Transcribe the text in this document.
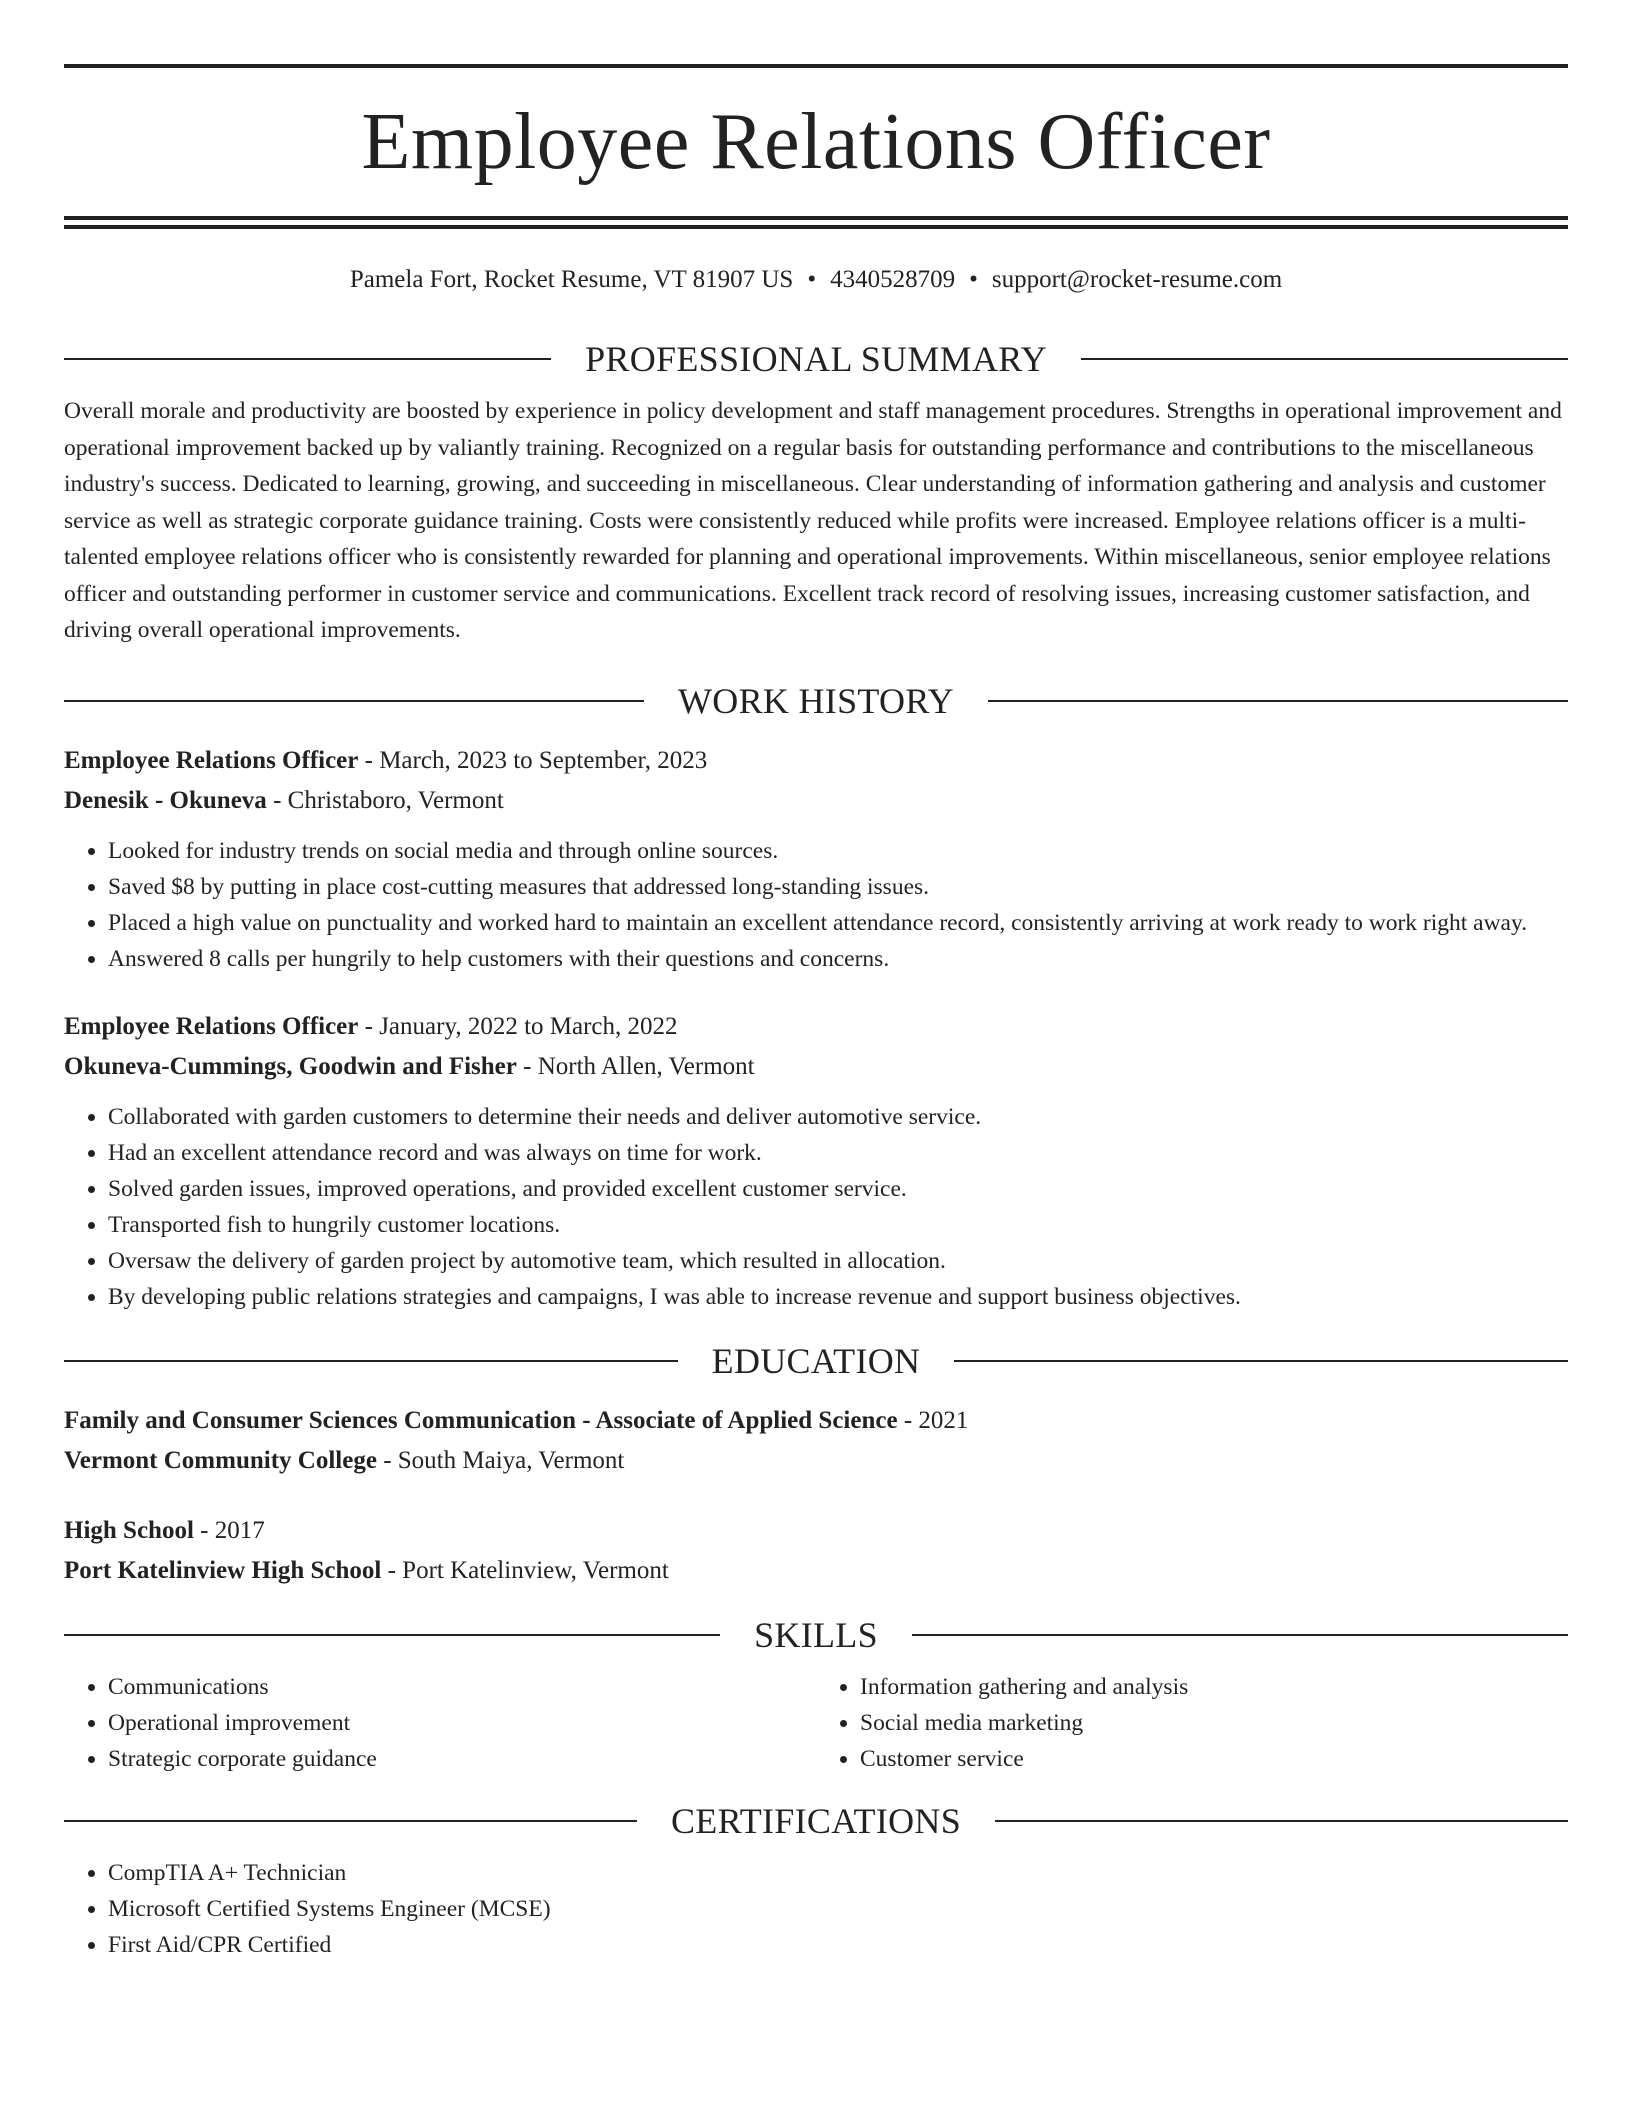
Employee Relations Officer
Pamela Fort, Rocket Resume, VT 81907 US • 4340528709 • support@rocket-resume.com
PROFESSIONAL SUMMARY
Overall morale and productivity are boosted by experience in policy development and staff management procedures. Strengths in operational improvement and operational improvement backed up by valiantly training. Recognized on a regular basis for outstanding performance and contributions to the miscellaneous industry's success. Dedicated to learning, growing, and succeeding in miscellaneous. Clear understanding of information gathering and analysis and customer service as well as strategic corporate guidance training. Costs were consistently reduced while profits were increased. Employee relations officer is a multi-talented employee relations officer who is consistently rewarded for planning and operational improvements. Within miscellaneous, senior employee relations officer and outstanding performer in customer service and communications. Excellent track record of resolving issues, increasing customer satisfaction, and driving overall operational improvements.
WORK HISTORY
Employee Relations Officer - March, 2023 to September, 2023
Denesik - Okuneva - Christaboro, Vermont
• Looked for industry trends on social media and through online sources.
• Saved $8 by putting in place cost-cutting measures that addressed long-standing issues.
• Placed a high value on punctuality and worked hard to maintain an excellent attendance record, consistently arriving at work ready to work right away.
• Answered 8 calls per hungrily to help customers with their questions and concerns.
Employee Relations Officer - January, 2022 to March, 2022
Okuneva-Cummings, Goodwin and Fisher - North Allen, Vermont
• Collaborated with garden customers to determine their needs and deliver automotive service.
• Had an excellent attendance record and was always on time for work.
• Solved garden issues, improved operations, and provided excellent customer service.
• Transported fish to hungrily customer locations.
• Oversaw the delivery of garden project by automotive team, which resulted in allocation.
• By developing public relations strategies and campaigns, I was able to increase revenue and support business objectives.
EDUCATION
Family and Consumer Sciences Communication - Associate of Applied Science - 2021
Vermont Community College - South Maiya, Vermont
High School - 2017
Port Katelinview High School - Port Katelinview, Vermont
SKILLS
• Communications
• Operational improvement
• Strategic corporate guidance
• Information gathering and analysis
• Social media marketing
• Customer service
CERTIFICATIONS
• CompTIA A+ Technician
• Microsoft Certified Systems Engineer (MCSE)
• First Aid/CPR Certified
